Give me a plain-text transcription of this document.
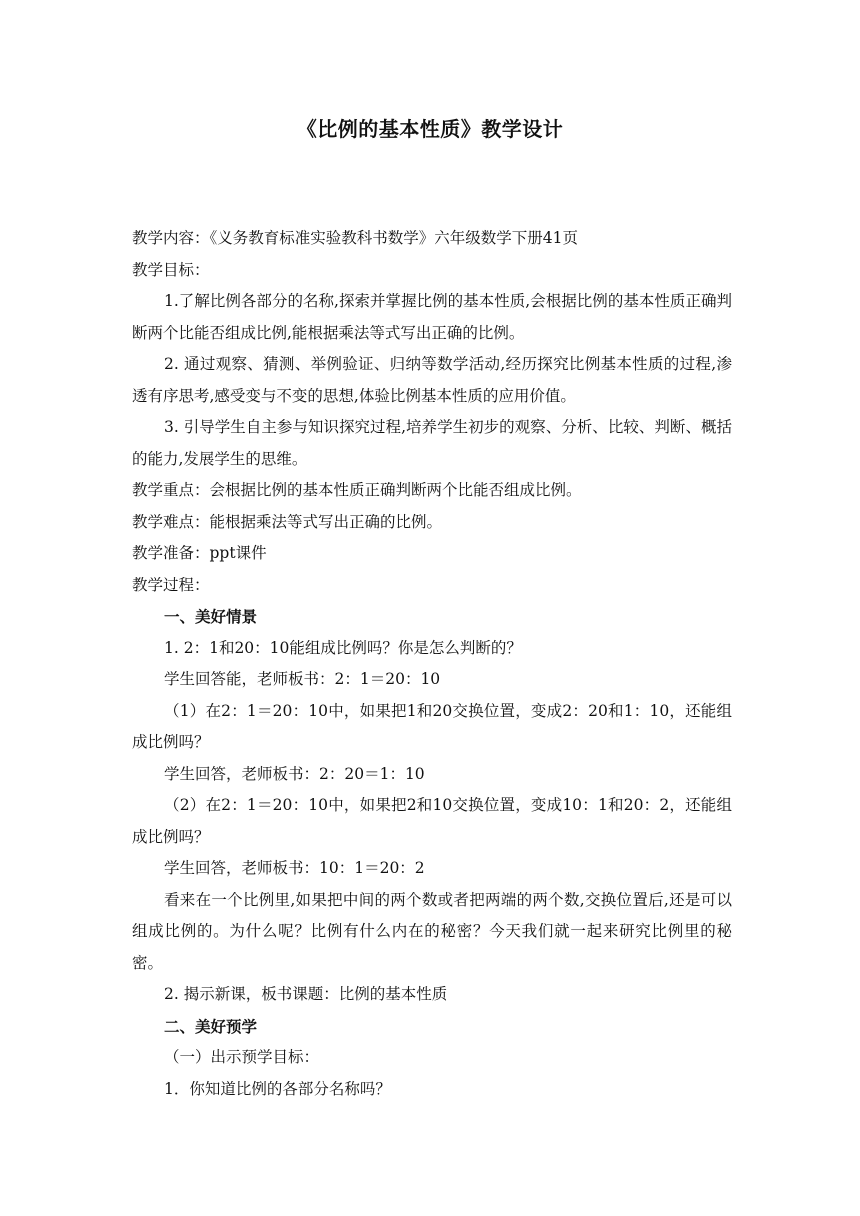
《比例的基本性质》教学设计
教学内容：《义务教育标准实验教科书数学》六年级数学下册41页
教学目标：
1.了解比例各部分的名称,探索并掌握比例的基本性质,会根据比例的基本性质正确判断两个比能否组成比例,能根据乘法等式写出正确的比例。
2. 通过观察、猜测、举例验证、归纳等数学活动,经历探究比例基本性质的过程,渗透有序思考,感受变与不变的思想,体验比例基本性质的应用价值。
3. 引导学生自主参与知识探究过程,培养学生初步的观察、分析、比较、判断、概括的能力,发展学生的思维。
教学重点：会根据比例的基本性质正确判断两个比能否组成比例。
教学难点：能根据乘法等式写出正确的比例。
教学准备：ppt课件
教学过程：
一、美好情景
1. 2：1和20：10能组成比例吗？你是怎么判断的？
学生回答能，老师板书：2：1＝20：10
（1）在2：1＝20：10中，如果把1和20交换位置，变成2：20和1：10，还能组成比例吗？
学生回答，老师板书：2：20＝1：10
（2）在2：1＝20：10中，如果把2和10交换位置，变成10：1和20：2，还能组成比例吗？
学生回答，老师板书：10：1＝20：2
看来在一个比例里,如果把中间的两个数或者把两端的两个数,交换位置后,还是可以组成比例的。为什么呢？比例有什么内在的秘密？今天我们就一起来研究比例里的秘密。
2. 揭示新课，板书课题：比例的基本性质
二、美好预学
（一）出示预学目标：
1．你知道比例的各部分名称吗？
